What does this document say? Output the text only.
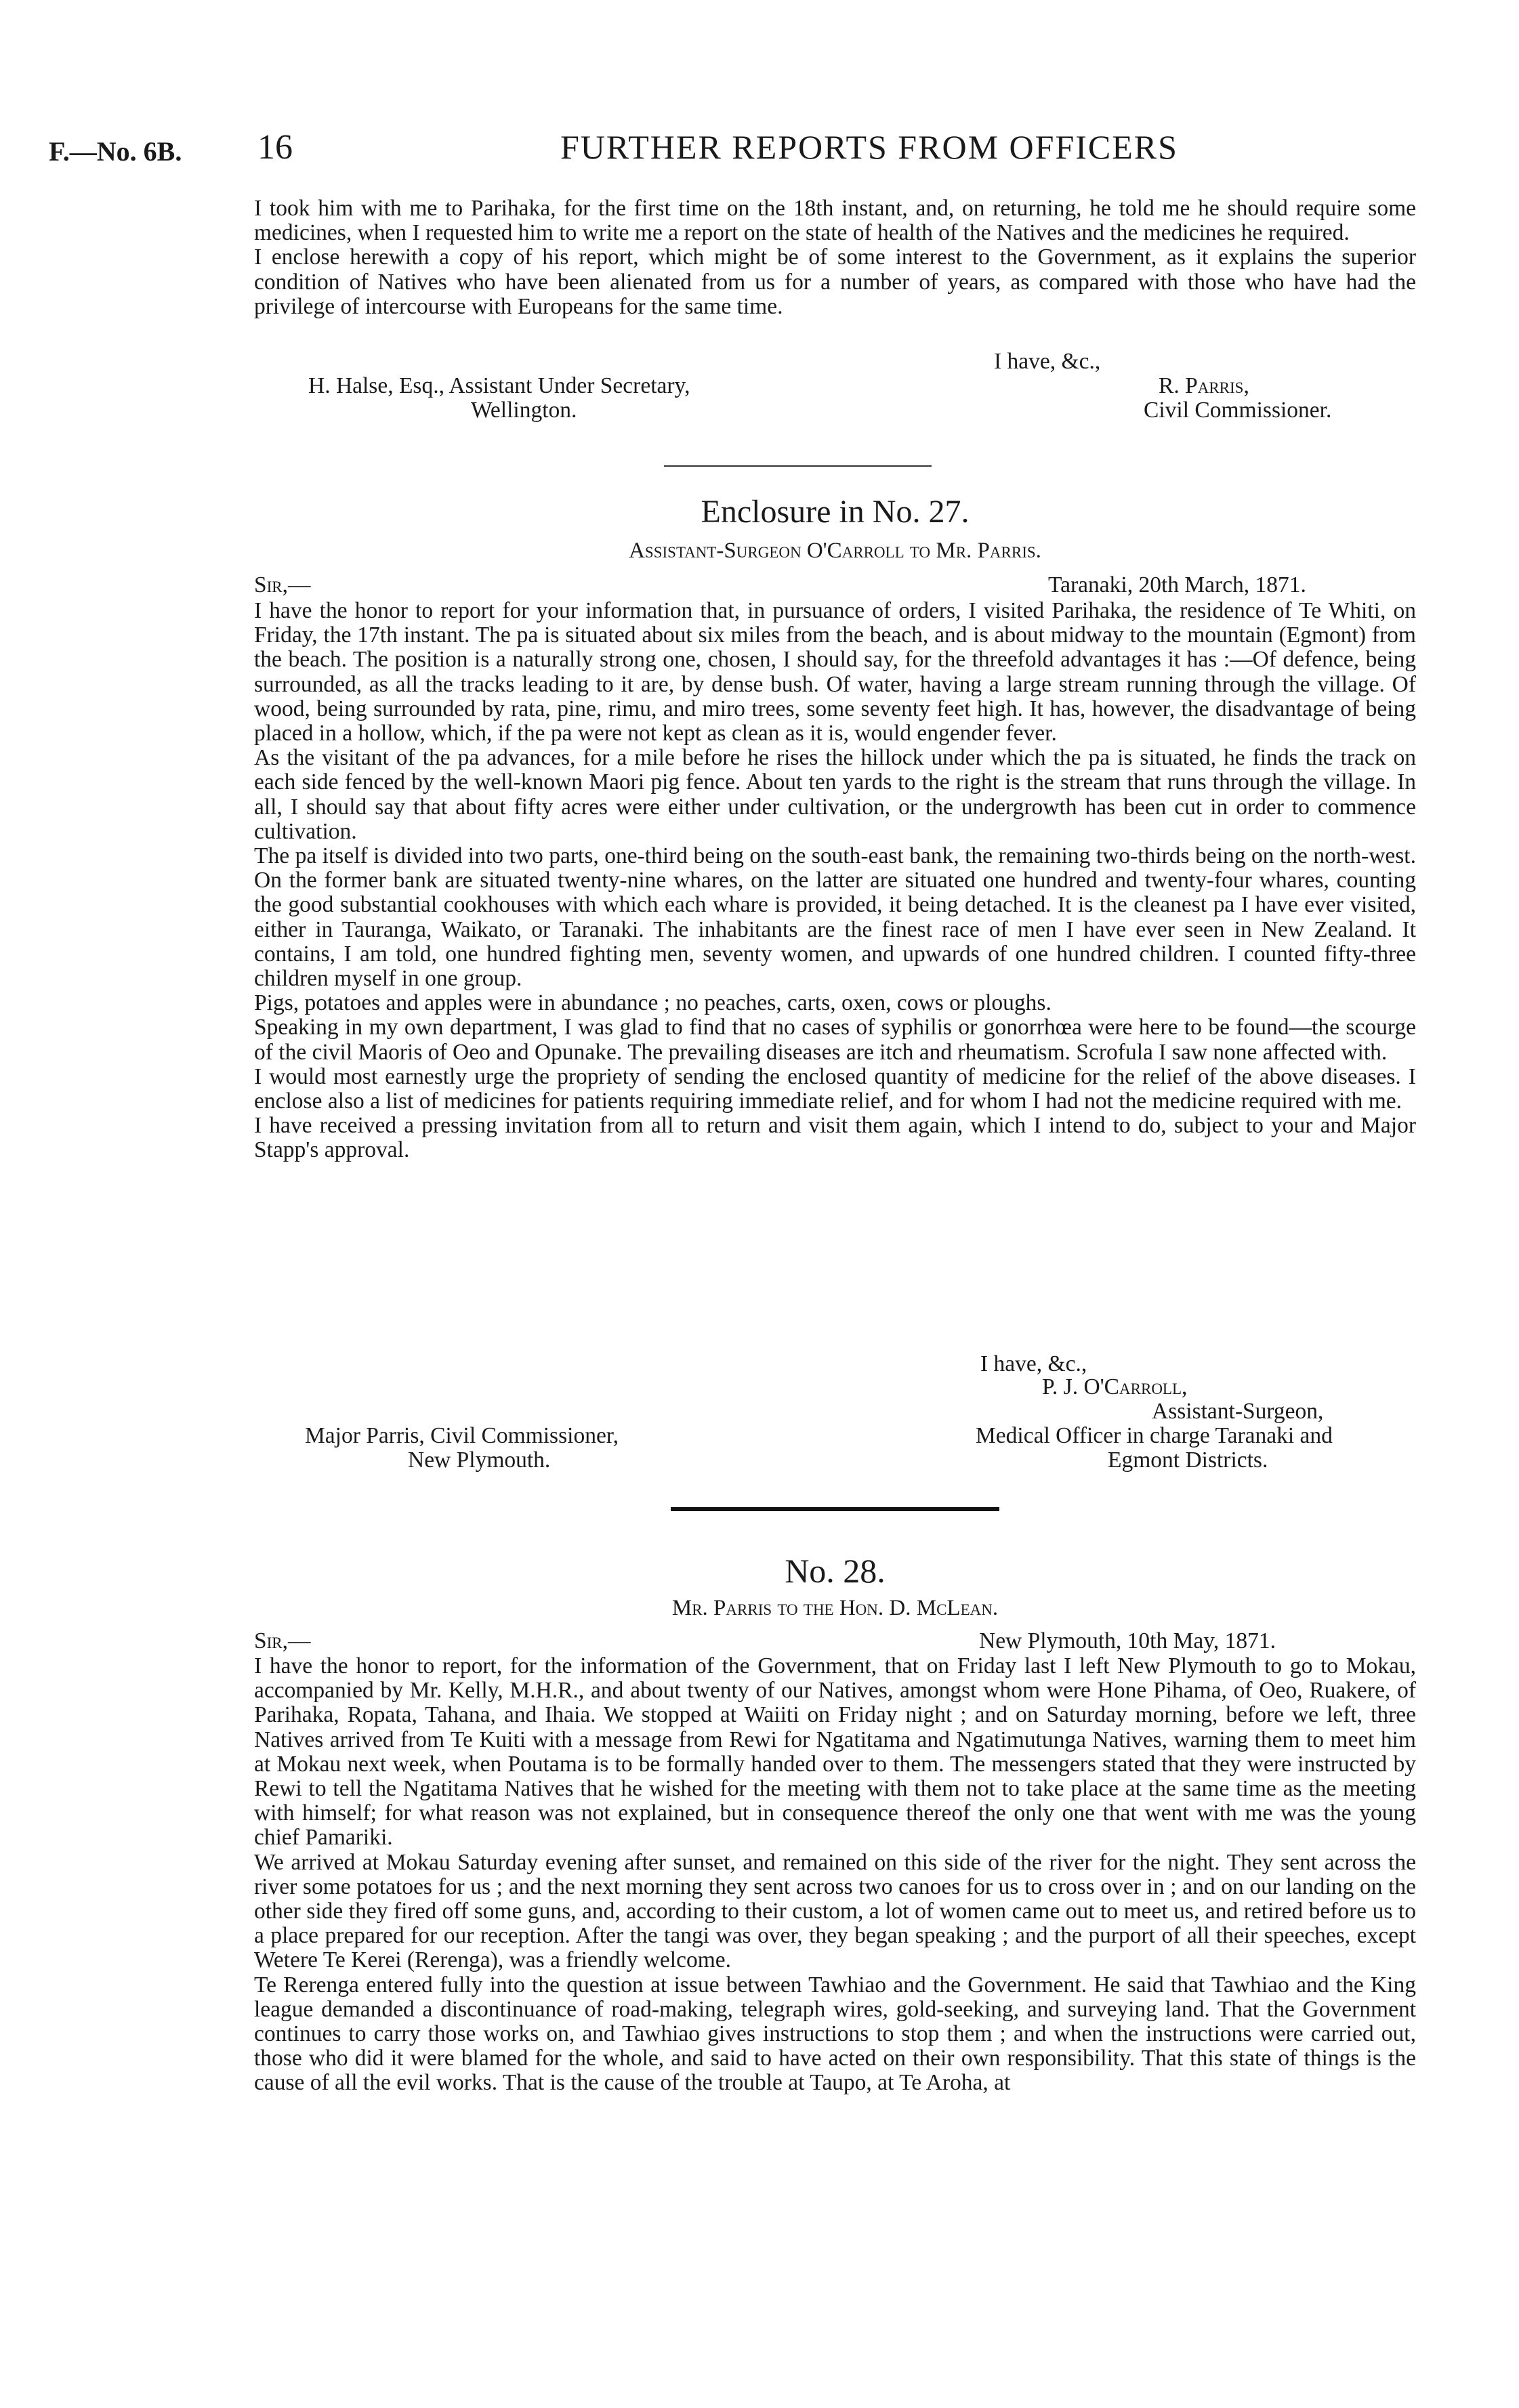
F.—No. 6B. 16	FURTHER REPORTS FROM OFFICERS

I took him with me to Parihaka, for the first time on the 18th instant, and, on returning, he told me he should require some medicines, when I requested him to write me a report on the state of health of the Natives and the medicines he required.

I enclose herewith a copy of his report, which might be of some interest to the Government, as it explains the superior condition of Natives who have been alienated from us for a number of years, as compared with those who have had the privilege of intercourse with Europeans for the same time.

I have, &c.,
H. Halse, Esq., Assistant Under Secretary,	R. Parris,
Wellington.	Civil Commissioner.
Enclosure in No. 27.
Assistant-Surgeon O'Carroll to Mr. Parris.
Sir,—	Taranaki, 20th March, 1871.

I have the honor to report for your information that, in pursuance of orders, I visited Parihaka, the residence of Te Whiti, on Friday, the 17th instant. The pa is situated about six miles from the beach, and is about midway to the mountain (Egmont) from the beach. The position is a naturally strong one, chosen, I should say, for the threefold advantages it has :—Of defence, being surrounded, as all the tracks leading to it are, by dense bush. Of water, having a large stream running through the village. Of wood, being surrounded by rata, pine, rimu, and miro trees, some seventy feet high. It has, however, the disadvantage of being placed in a hollow, which, if the pa were not kept as clean as it is, would engender fever.

As the visitant of the pa advances, for a mile before he rises the hillock under which the pa is situated, he finds the track on each side fenced by the well-known Maori pig fence. About ten yards to the right is the stream that runs through the village. In all, I should say that about fifty acres were either under cultivation, or the undergrowth has been cut in order to commence cultivation.

The pa itself is divided into two parts, one-third being on the south-east bank, the remaining two-thirds being on the north-west. On the former bank are situated twenty-nine whares, on the latter are situated one hundred and twenty-four whares, counting the good substantial cookhouses with which each whare is provided, it being detached. It is the cleanest pa I have ever visited, either in Tauranga, Waikato, or Taranaki. The inhabitants are the finest race of men I have ever seen in New Zealand. It contains, I am told, one hundred fighting men, seventy women, and upwards of one hundred children. I counted fifty-three children myself in one group.

Pigs, potatoes and apples were in abundance ; no peaches, carts, oxen, cows or ploughs.

Speaking in my own department, I was glad to find that no cases of syphilis or gonorrhœa were here to be found—the scourge of the civil Maoris of Oeo and Opunake. The prevailing diseases are itch and rheumatism. Scrofula I saw none affected with.

I would most earnestly urge the propriety of sending the enclosed quantity of medicine for the relief of the above diseases. I enclose also a list of medicines for patients requiring immediate relief, and for whom I had not the medicine required with me.

I have received a pressing invitation from all to return and visit them again, which I intend to do, subject to your and Major Stapp's approval.

I have, &c.,
P. J. O'Carroll,
Assistant-Surgeon,
Medical Officer in charge Taranaki and
Major Parris, Civil Commissioner,
New Plymouth.	Egmont Districts.
No. 28.
Mr. Parris to the Hon. D. McLean.
Sir,—	New Plymouth, 10th May, 1871.

I have the honor to report, for the information of the Government, that on Friday last I left New Plymouth to go to Mokau, accompanied by Mr. Kelly, M.H.R., and about twenty of our Natives, amongst whom were Hone Pihama, of Oeo, Ruakere, of Parihaka, Ropata, Tahana, and Ihaia. We stopped at Waiiti on Friday night ; and on Saturday morning, before we left, three Natives arrived from Te Kuiti with a message from Rewi for Ngatitama and Ngatimutunga Natives, warning them to meet him at Mokau next week, when Poutama is to be formally handed over to them. The messengers stated that they were instructed by Rewi to tell the Ngatitama Natives that he wished for the meeting with them not to take place at the same time as the meeting with himself; for what reason was not explained, but in consequence thereof the only one that went with me was the young chief Pamariki.

We arrived at Mokau Saturday evening after sunset, and remained on this side of the river for the night. They sent across the river some potatoes for us ; and the next morning they sent across two canoes for us to cross over in ; and on our landing on the other side they fired off some guns, and, according to their custom, a lot of women came out to meet us, and retired before us to a place prepared for our reception. After the tangi was over, they began speaking ; and the purport of all their speeches, except Wetere Te Kerei (Rerenga), was a friendly welcome.

Te Rerenga entered fully into the question at issue between Tawhiao and the Government. He said that Tawhiao and the King league demanded a discontinuance of road-making, telegraph wires, gold-seeking, and surveying land. That the Government continues to carry those works on, and Tawhiao gives instructions to stop them ; and when the instructions were carried out, those who did it were blamed for the whole, and said to have acted on their own responsibility. That this state of things is the cause of all the evil works. That is the cause of the trouble at Taupo, at Te Aroha, at
